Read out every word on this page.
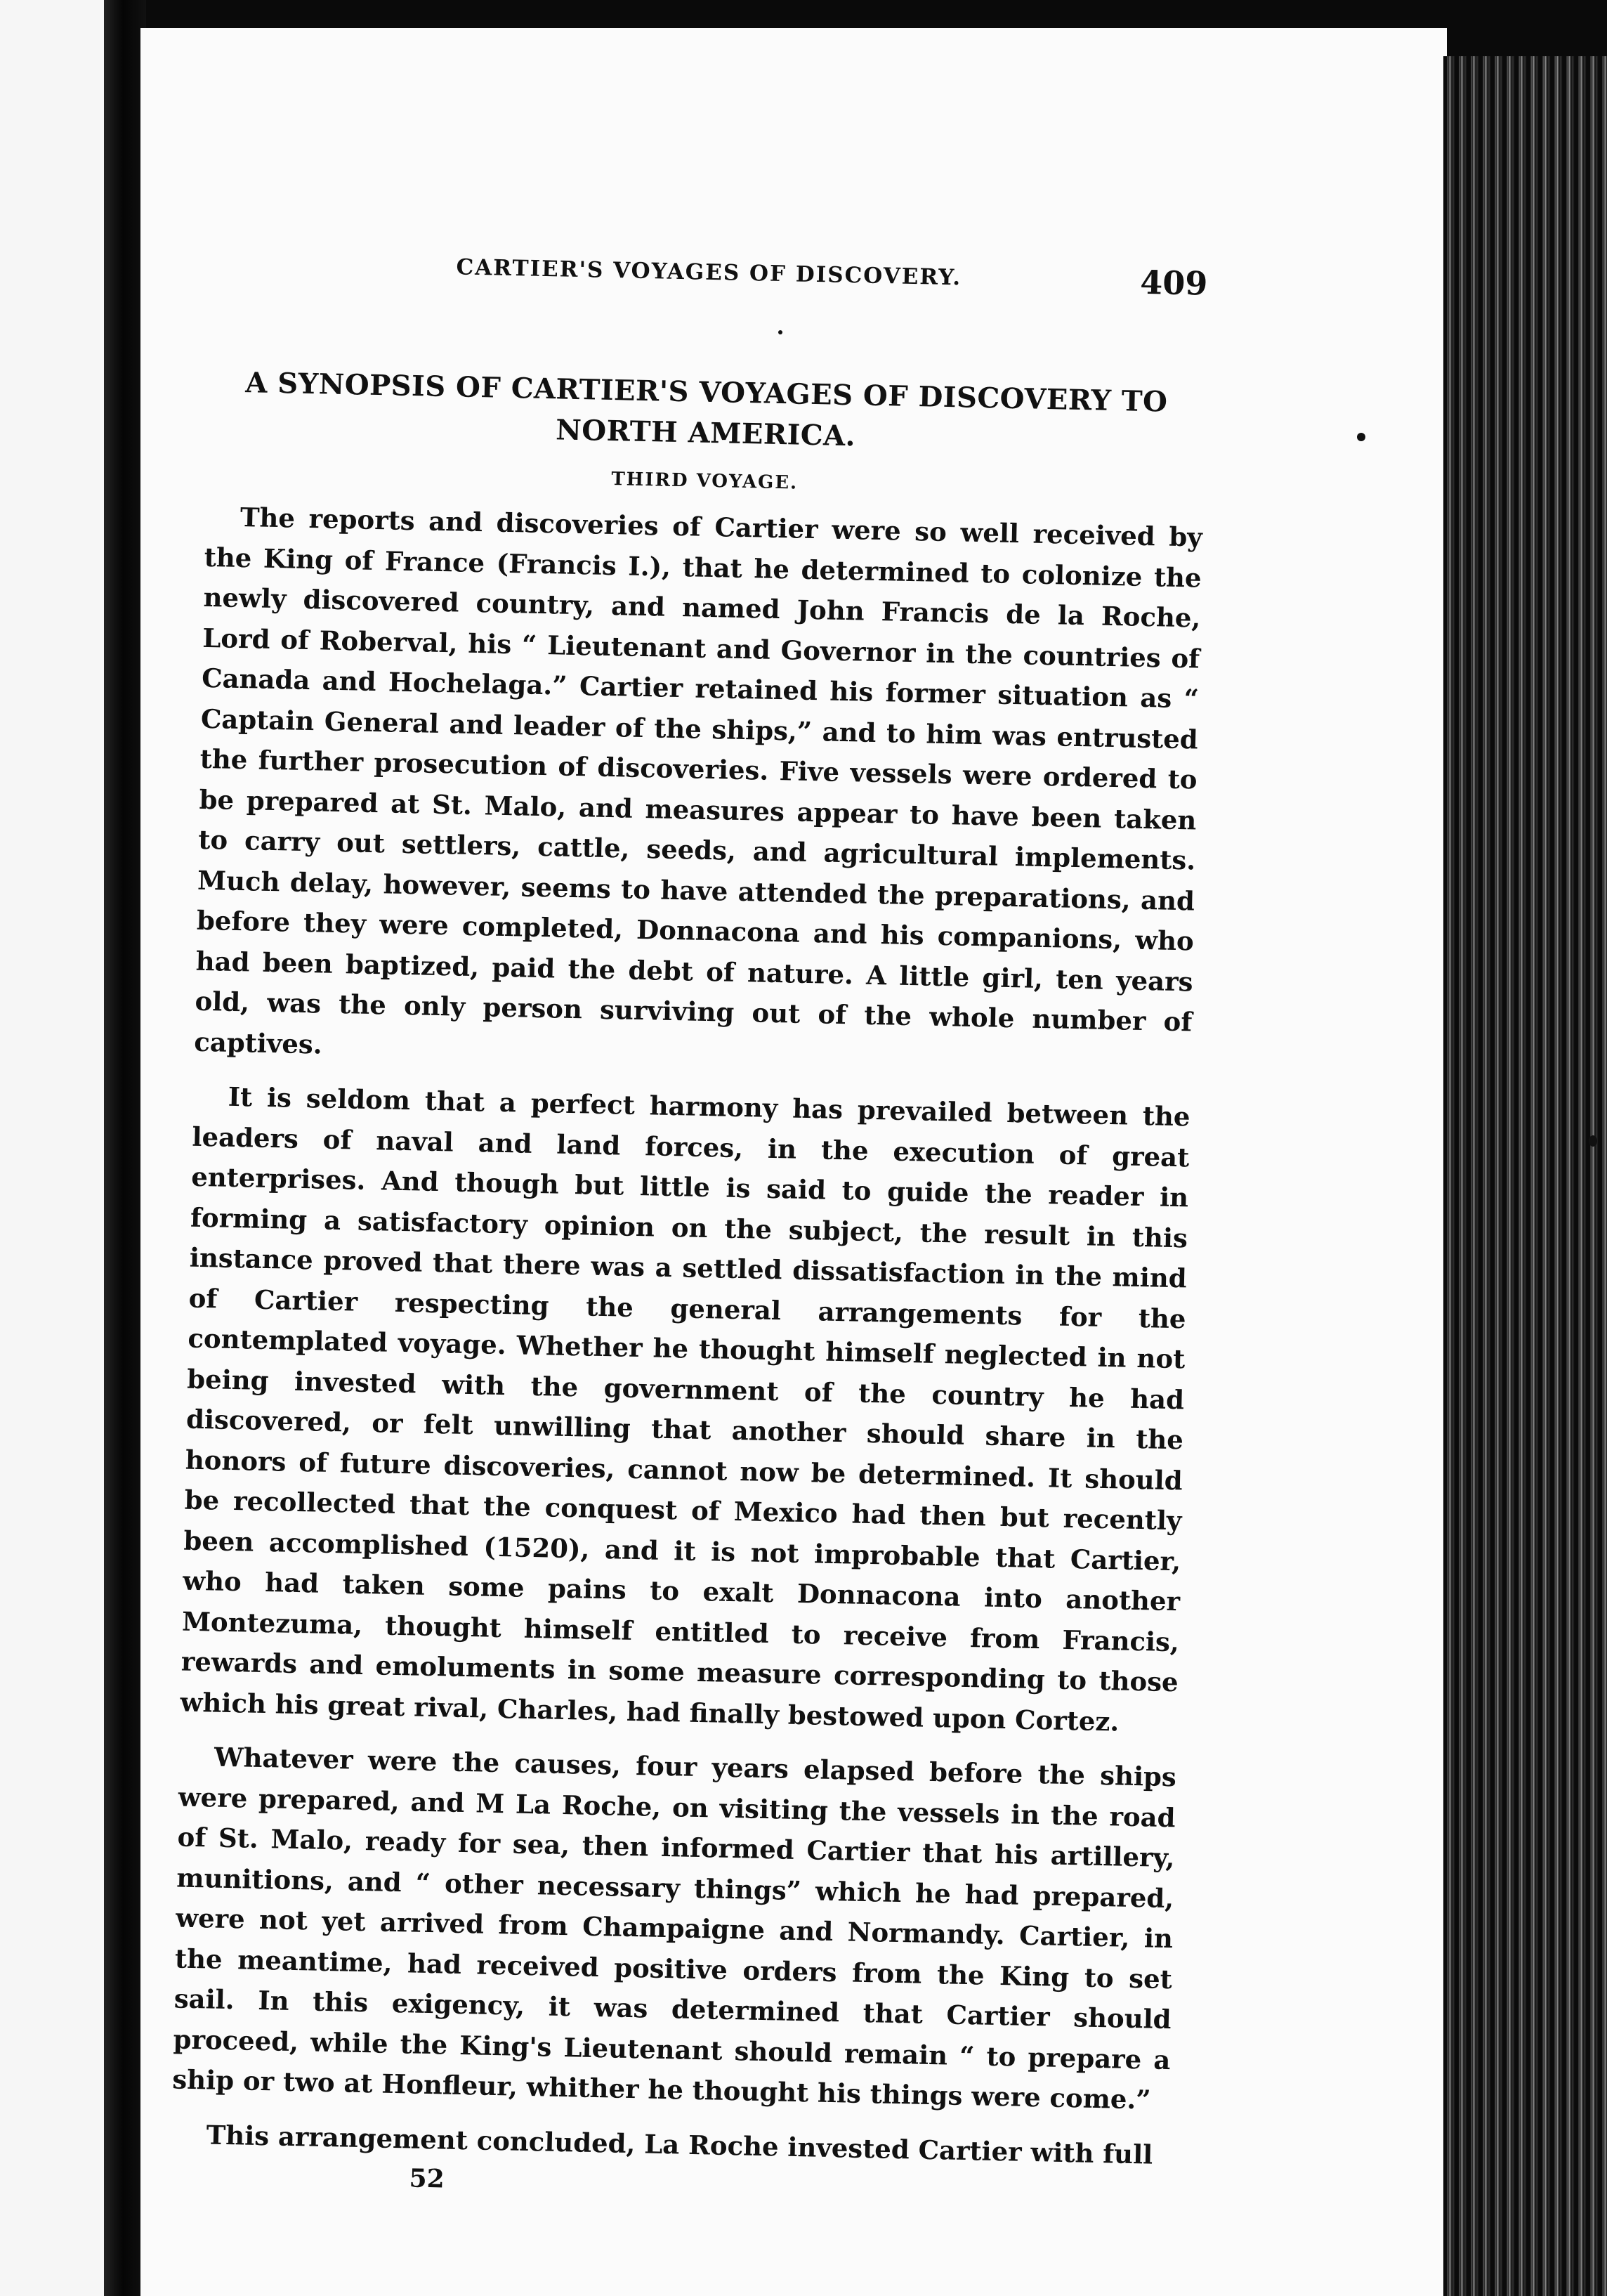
CARTIER'S VOYAGES OF DISCOVERY.	409
A SYNOPSIS OF CARTIER'S VOYAGES OF DISCOVERY TO NORTH AMERICA.
THIRD VOYAGE.

The reports and discoveries of Cartier were so well received by the King of France (Francis I.), that he determined to colonize the newly discovered country, and named John Francis de la Roche, Lord of Roberval, his “ Lieutenant and Governor in the countries of Canada and Hochelaga.” Cartier retained his former situation as “ Captain General and leader of the ships,” and to him was entrusted the further prosecution of discoveries. Five vessels were ordered to be prepared at St. Malo, and measures appear to have been taken to carry out settlers, cattle, seeds, and agricultural implements. Much delay, however, seems to have attended the preparations, and before they were completed, Donnacona and his companions, who had been baptized, paid the debt of nature. A little girl, ten years old, was the only person surviving out of the whole number of captives.

It is seldom that a perfect harmony has prevailed between the leaders of naval and land forces, in the execution of great enterprises. And though but little is said to guide the reader in forming a satisfactory opinion on the subject, the result in this instance proved that there was a settled dissatisfaction in the mind of Cartier respecting the general arrangements for the contemplated voyage. Whether he thought himself neglected in not being invested with the government of the country he had discovered, or felt unwilling that another should share in the honors of future discoveries, cannot now be determined. It should be recollected that the conquest of Mexico had then but recently been accomplished (1520), and it is not improbable that Cartier, who had taken some pains to exalt Donnacona into another Montezuma, thought himself entitled to receive from Francis, rewards and emoluments in some measure corresponding to those which his great rival, Charles, had finally bestowed upon Cortez.

Whatever were the causes, four years elapsed before the ships were prepared, and M La Roche, on visiting the vessels in the road of St. Malo, ready for sea, then informed Cartier that his artillery, munitions, and “ other necessary things” which he had prepared, were not yet arrived from Champaigne and Normandy. Cartier, in the meantime, had received positive orders from the King to set sail. In this exigency, it was determined that Cartier should proceed, while the King's Lieutenant should remain “ to prepare a ship or two at Honfleur, whither he thought his things were come.”

This arrangement concluded, La Roche invested Cartier with full

52
